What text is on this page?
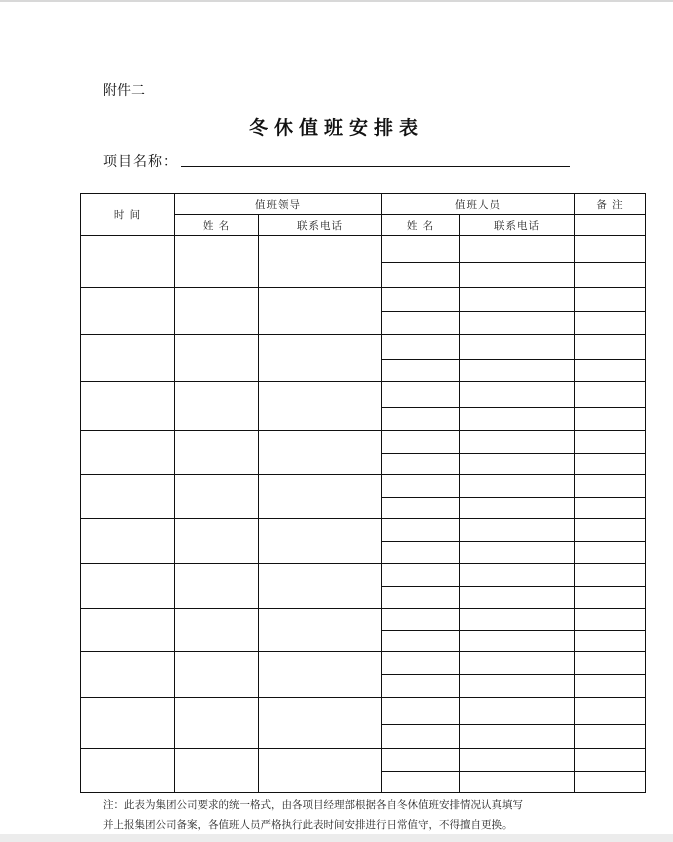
附件二
冬休值班安排表
项目名称：
时 间	值班领导		值班人员		备 注
	姓 名	联系电话	姓 名	联系电话	

注：此表为集团公司要求的统一格式，由各项目经理部根据各自冬休值班安排情况认真填写
并上报集团公司备案，各值班人员严格执行此表时间安排进行日常值守，不得擅自更换。
